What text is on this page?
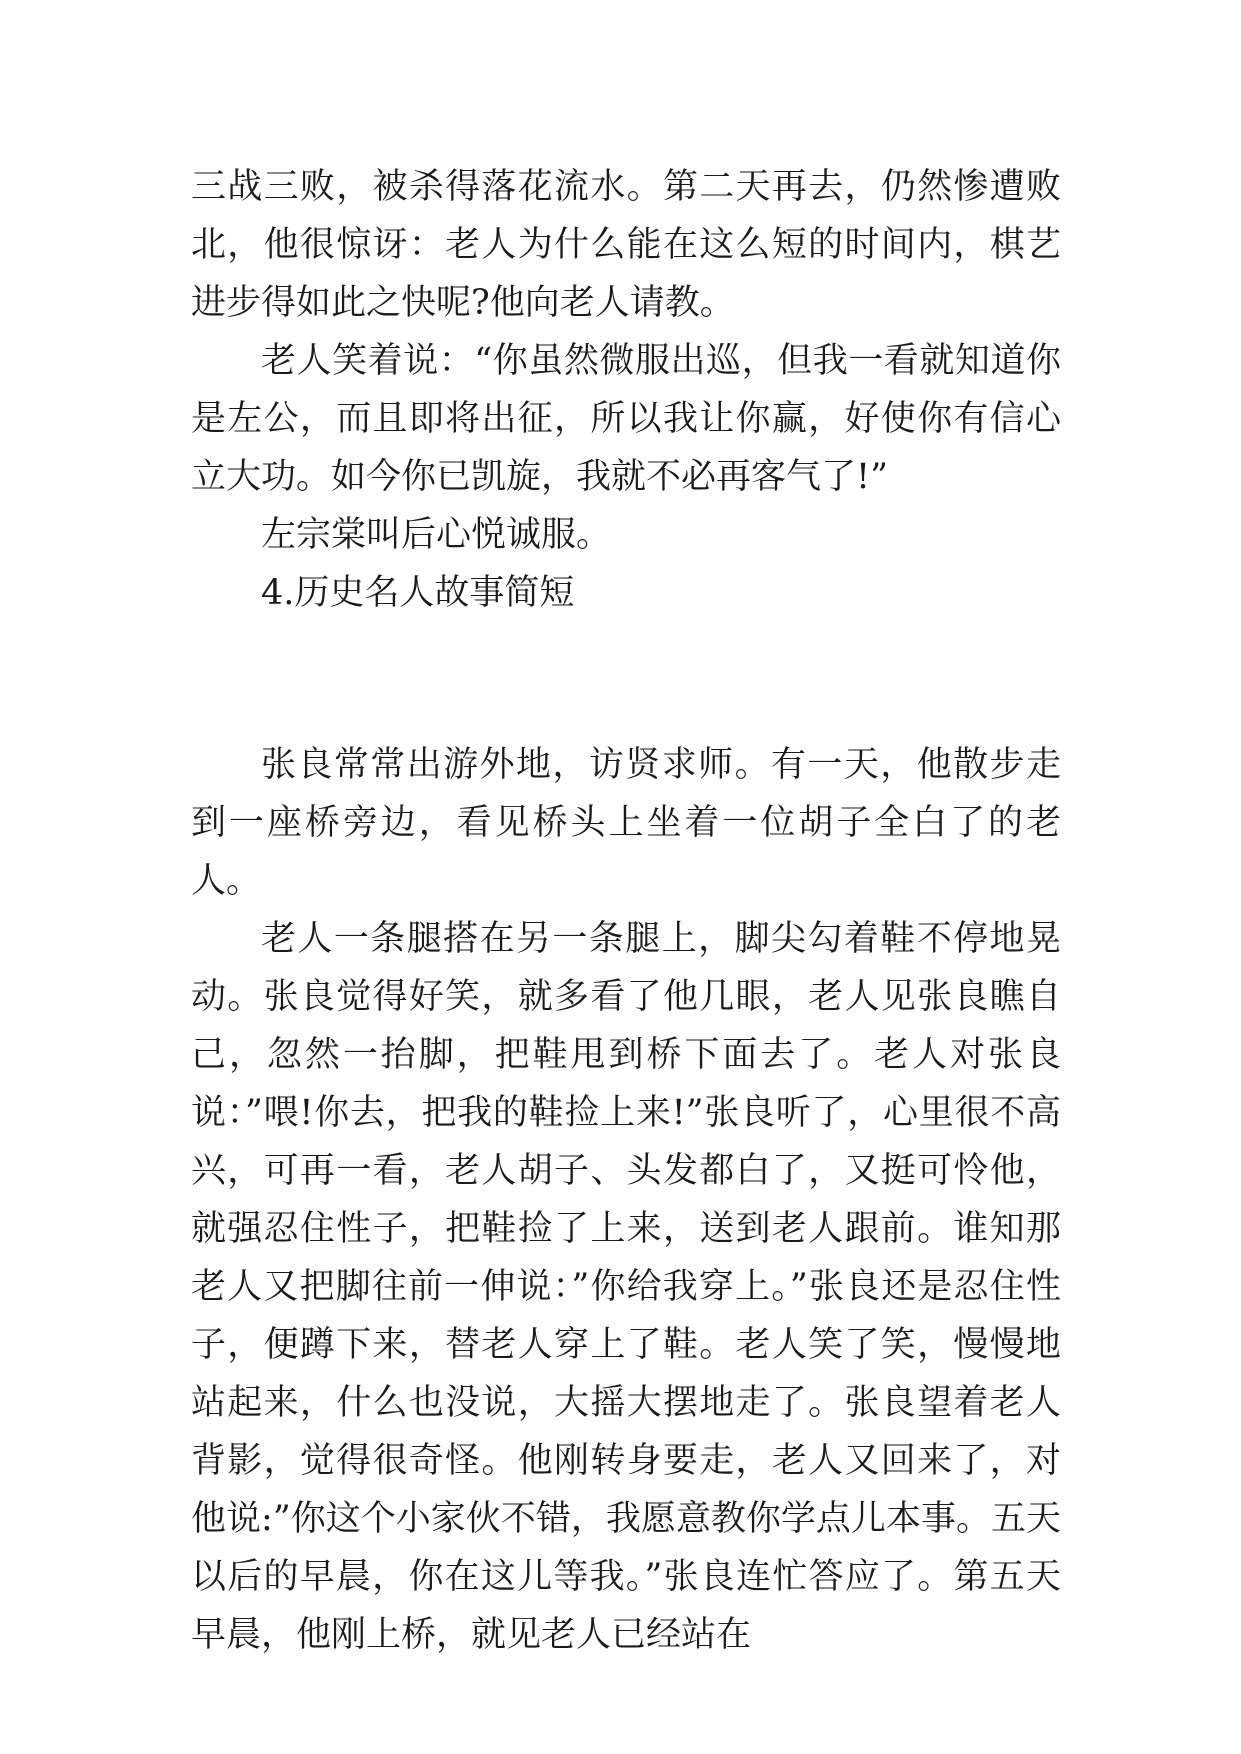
三战三败，被杀得落花流水。第二天再去，仍然惨遭败北，他很惊讶：老人为什么能在这么短的时间内，棋艺进步得如此之快呢?他向老人请教。

老人笑着说：“你虽然微服出巡，但我一看就知道你是左公，而且即将出征，所以我让你赢，好使你有信心立大功。如今你已凯旋，我就不必再客气了!”

左宗棠叫后心悦诚服。

4.历史名人故事简短

张良常常出游外地，访贤求师。有一天，他散步走到一座桥旁边，看见桥头上坐着一位胡子全白了的老人。

老人一条腿搭在另一条腿上，脚尖勾着鞋不停地晃动。张良觉得好笑，就多看了他几眼，老人见张良瞧自己，忽然一抬脚，把鞋甩到桥下面去了。老人对张良说：”喂!你去，把我的鞋捡上来!”张良听了，心里很不高兴，可再一看，老人胡子、头发都白了，又挺可怜他，就强忍住性子，把鞋捡了上来，送到老人跟前。谁知那老人又把脚往前一伸说：”你给我穿上。”张良还是忍住性子，便蹲下来，替老人穿上了鞋。老人笑了笑，慢慢地站起来，什么也没说，大摇大摆地走了。张良望着老人背影，觉得很奇怪。他刚转身要走，老人又回来了，对他说:”你这个小家伙不错，我愿意教你学点儿本事。五天以后的早晨，你在这儿等我。”张良连忙答应了。第五天早晨，他刚上桥，就见老人已经站在
